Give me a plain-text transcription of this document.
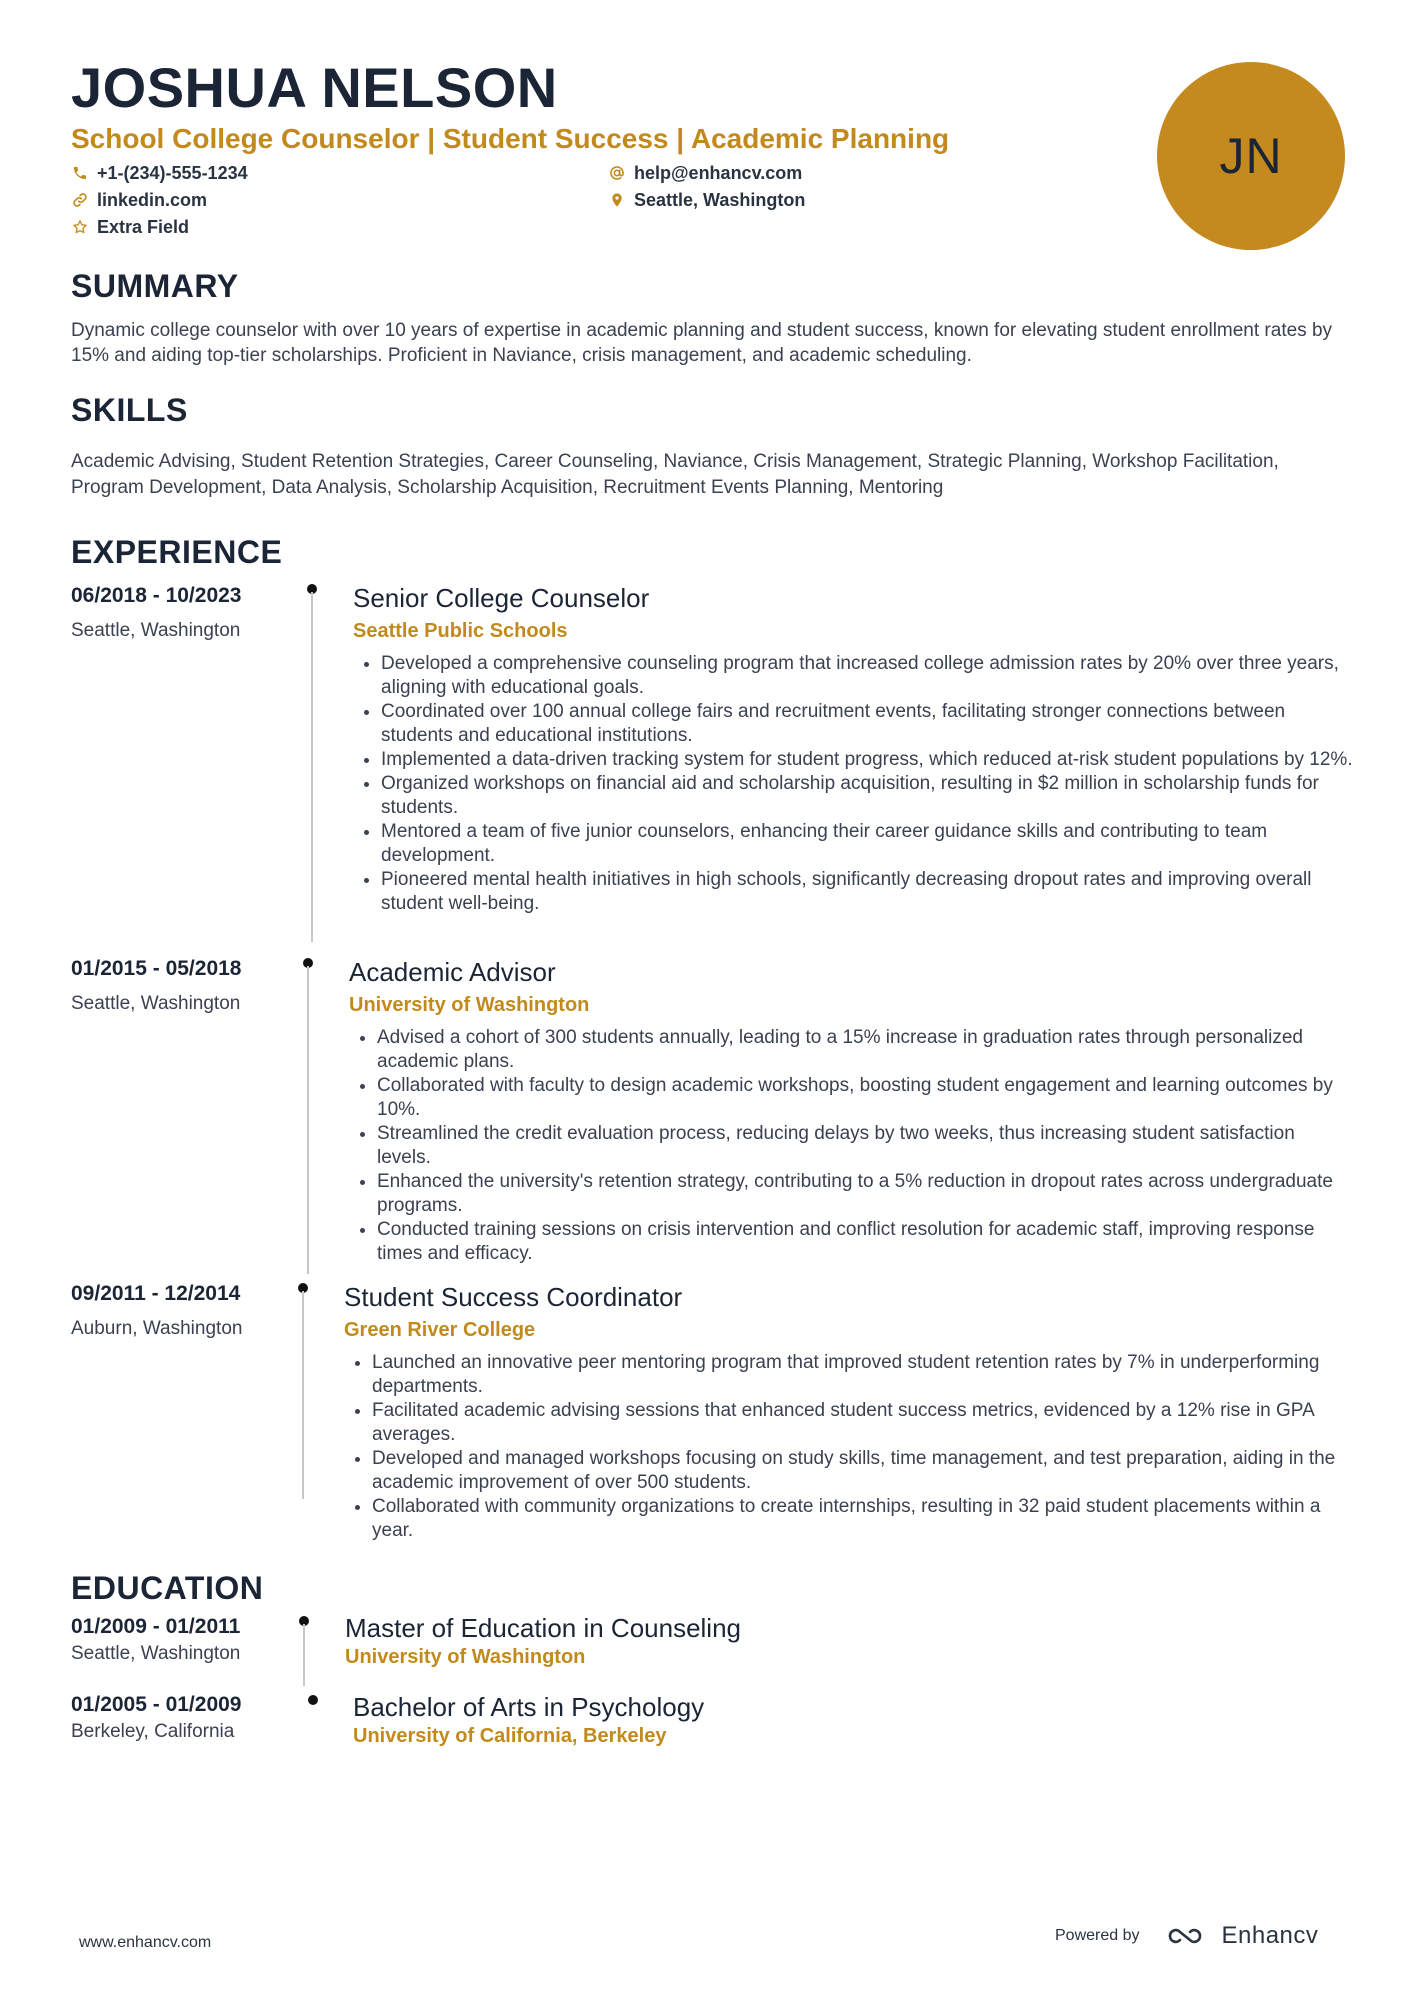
JOSHUA NELSON
School College Counselor | Student Success | Academic Planning
+1-(234)-555-1234	help@enhancv.com
linkedin.com	Seattle, Washington
Extra Field
JN
SUMMARY

Dynamic college counselor with over 10 years of expertise in academic planning and student success, known for elevating student enrollment rates by 15% and aiding top-tier scholarships. Proficient in Naviance, crisis management, and academic scheduling.

SKILLS

Academic Advising, Student Retention Strategies, Career Counseling, Naviance, Crisis Management, Strategic Planning, Workshop Facilitation, Program Development, Data Analysis, Scholarship Acquisition, Recruitment Events Planning, Mentoring

EXPERIENCE
06/2018 - 10/2023
Seattle, Washington
Senior College Counselor
Seattle Public Schools
• Developed a comprehensive counseling program that increased college admission rates by 20% over three years, aligning with educational goals.
• Coordinated over 100 annual college fairs and recruitment events, facilitating stronger connections between students and educational institutions.
• Implemented a data-driven tracking system for student progress, which reduced at-risk student populations by 12%.
• Organized workshops on financial aid and scholarship acquisition, resulting in $2 million in scholarship funds for students.
• Mentored a team of five junior counselors, enhancing their career guidance skills and contributing to team development.
• Pioneered mental health initiatives in high schools, significantly decreasing dropout rates and improving overall student well-being.
01/2015 - 05/2018
Seattle, Washington
Academic Advisor
University of Washington
• Advised a cohort of 300 students annually, leading to a 15% increase in graduation rates through personalized academic plans.
• Collaborated with faculty to design academic workshops, boosting student engagement and learning outcomes by 10%.
• Streamlined the credit evaluation process, reducing delays by two weeks, thus increasing student satisfaction levels.
• Enhanced the university's retention strategy, contributing to a 5% reduction in dropout rates across undergraduate programs.
• Conducted training sessions on crisis intervention and conflict resolution for academic staff, improving response times and efficacy.
09/2011 - 12/2014
Auburn, Washington
Student Success Coordinator
Green River College
• Launched an innovative peer mentoring program that improved student retention rates by 7% in underperforming departments.
• Facilitated academic advising sessions that enhanced student success metrics, evidenced by a 12% rise in GPA averages.
• Developed and managed workshops focusing on study skills, time management, and test preparation, aiding in the academic improvement of over 500 students.
• Collaborated with community organizations to create internships, resulting in 32 paid student placements within a year.
EDUCATION
01/2009 - 01/2011
Seattle, Washington
Master of Education in Counseling
University of Washington
01/2005 - 01/2009
Berkeley, California
Bachelor of Arts in Psychology
University of California, Berkeley
www.enhancv.com	Powered by	Enhancv
